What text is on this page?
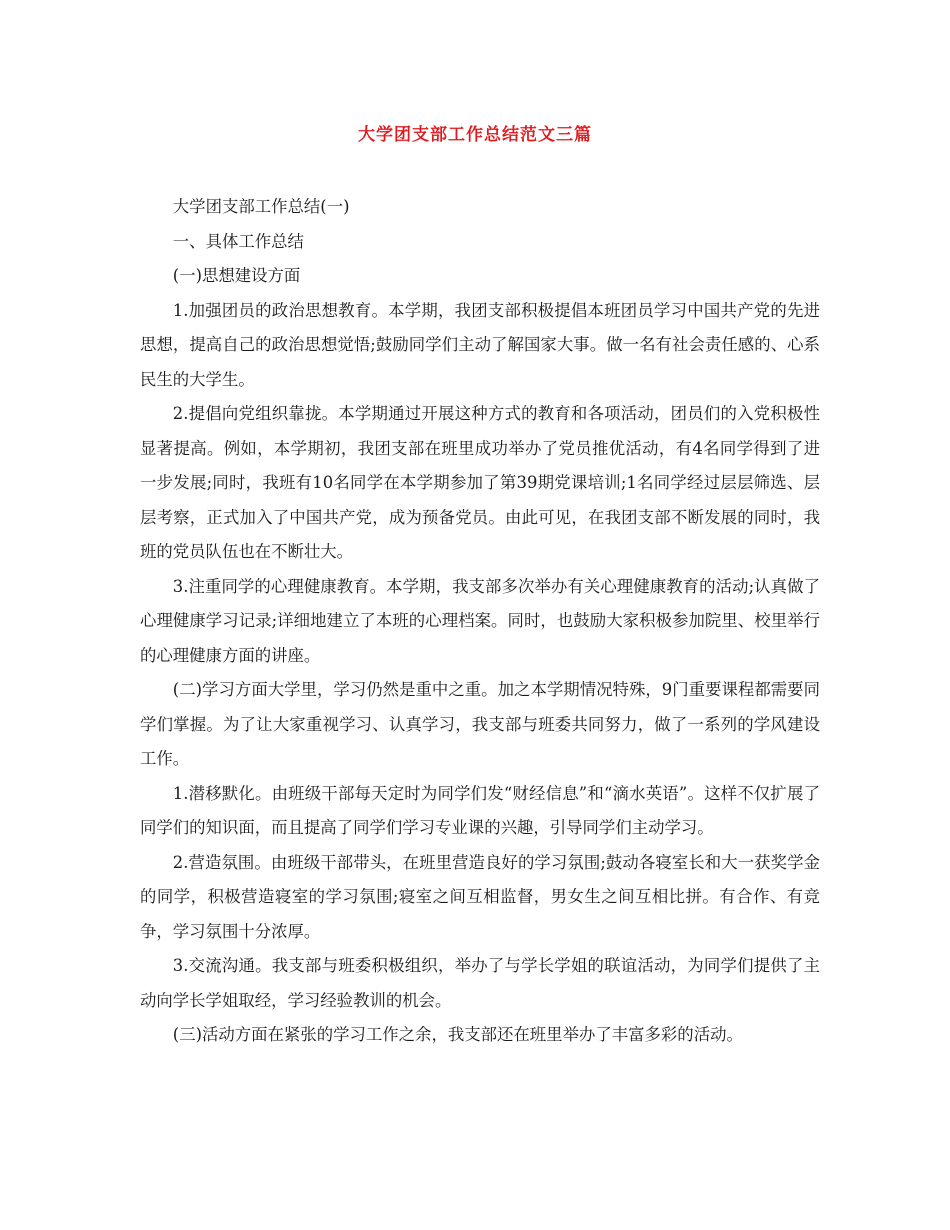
大学团支部工作总结范文三篇

大学团支部工作总结(一)

一、具体工作总结

(一)思想建设方面

1.加强团员的政治思想教育。本学期，我团支部积极提倡本班团员学习中国共产党的先进思想，提高自己的政治思想觉悟;鼓励同学们主动了解国家大事。做一名有社会责任感的、心系民生的大学生。

2.提倡向党组织靠拢。本学期通过开展这种方式的教育和各项活动，团员们的入党积极性显著提高。例如，本学期初，我团支部在班里成功举办了党员推优活动，有4名同学得到了进一步发展;同时，我班有10名同学在本学期参加了第39期党课培训;1名同学经过层层筛选、层层考察，正式加入了中国共产党，成为预备党员。由此可见，在我团支部不断发展的同时，我班的党员队伍也在不断壮大。

3.注重同学的心理健康教育。本学期，我支部多次举办有关心理健康教育的活动;认真做了心理健康学习记录;详细地建立了本班的心理档案。同时，也鼓励大家积极参加院里、校里举行的心理健康方面的讲座。

(二)学习方面大学里，学习仍然是重中之重。加之本学期情况特殊，9门重要课程都需要同学们掌握。为了让大家重视学习、认真学习，我支部与班委共同努力，做了一系列的学风建设工作。

1.潜移默化。由班级干部每天定时为同学们发“财经信息”和“滴水英语”。这样不仅扩展了同学们的知识面，而且提高了同学们学习专业课的兴趣，引导同学们主动学习。

2.营造氛围。由班级干部带头，在班里营造良好的学习氛围;鼓动各寝室长和大一获奖学金的同学，积极营造寝室的学习氛围;寝室之间互相监督，男女生之间互相比拼。有合作、有竞争，学习氛围十分浓厚。

3.交流沟通。我支部与班委积极组织，举办了与学长学姐的联谊活动，为同学们提供了主动向学长学姐取经，学习经验教训的机会。

(三)活动方面在紧张的学习工作之余，我支部还在班里举办了丰富多彩的活动。
